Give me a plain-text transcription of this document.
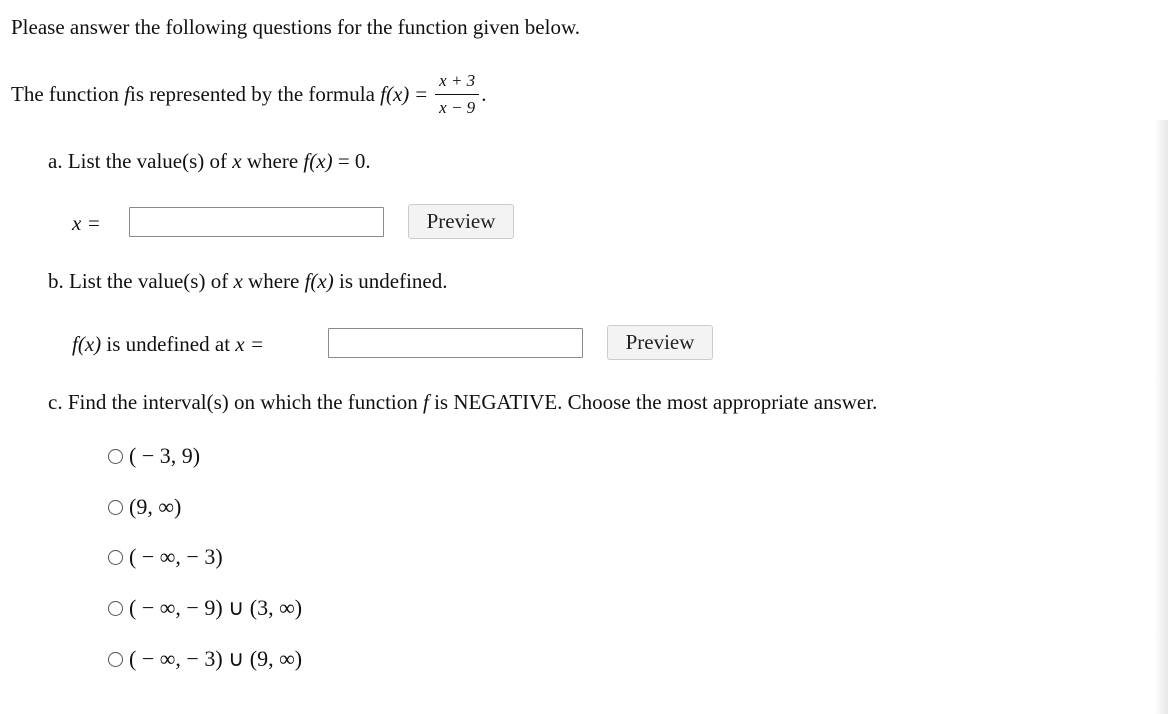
Please answer the following questions for the function given below.
The function
f is represented by the formula
$f(x) = \frac{x + 3}{x - 9}$ .
a. List the value(s) of x where f(x) = 0.
x =	Preview
b. List the value(s) of x where f(x) is undefined.
f(x) is undefined at x =	Preview
c. Find the interval(s) on which the function f is NEGATIVE. Choose the most appropriate answer.
( − 3, 9)
(9, ∞)
( − ∞, − 3)
( − ∞, − 9) ∪ (3, ∞)
( − ∞, − 3) ∪ (9, ∞)
